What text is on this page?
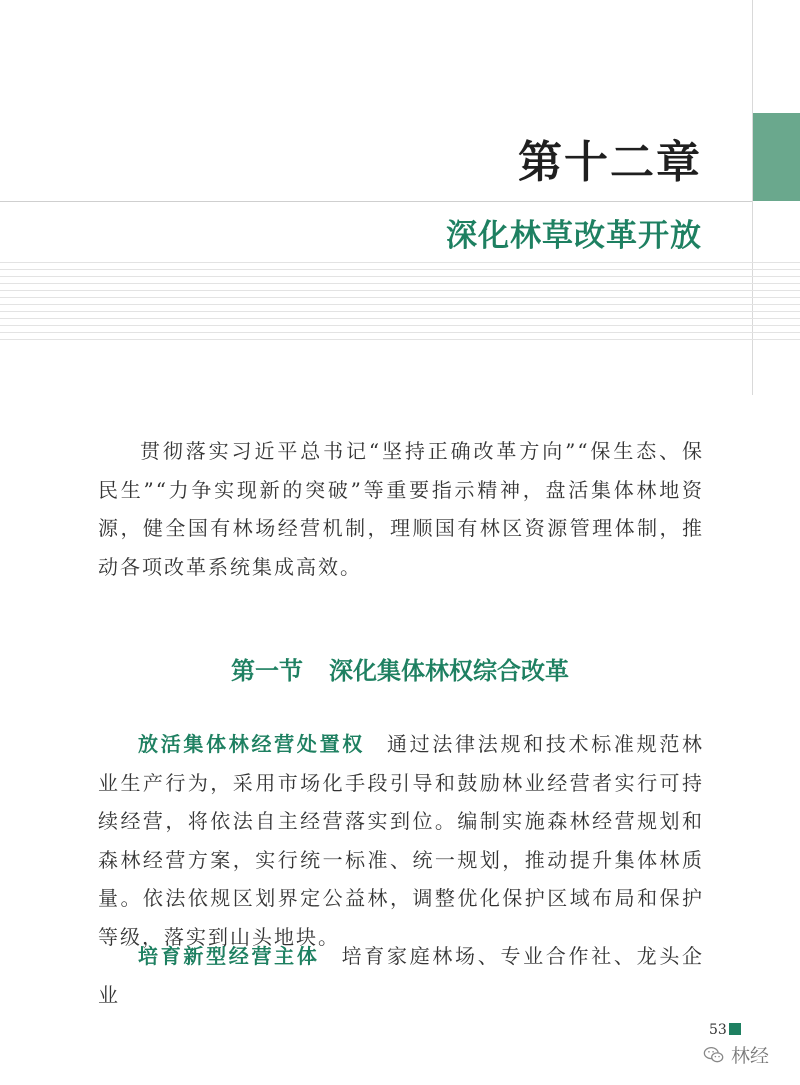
第十二章
深化林草改革开放

贯彻落实习近平总书记“坚持正确改革方向”“保生态、保民生”“力争实现新的突破”等重要指示精神，盘活集体林地资源，健全国有林场经营机制，理顺国有林区资源管理体制，推动各项改革系统集成高效。

第一节 深化集体林权综合改革

放活集体林经营处置权 通过法律法规和技术标准规范林业生产行为，采用市场化手段引导和鼓励林业经营者实行可持续经营，将依法自主经营落实到位。编制实施森林经营规划和森林经营方案，实行统一标准、统一规划，推动提升集体林质量。依法依规区划界定公益林，调整优化保护区域布局和保护等级，落实到山头地块。

培育新型经营主体 培育家庭林场、专业合作社、龙头企业

53
林经
